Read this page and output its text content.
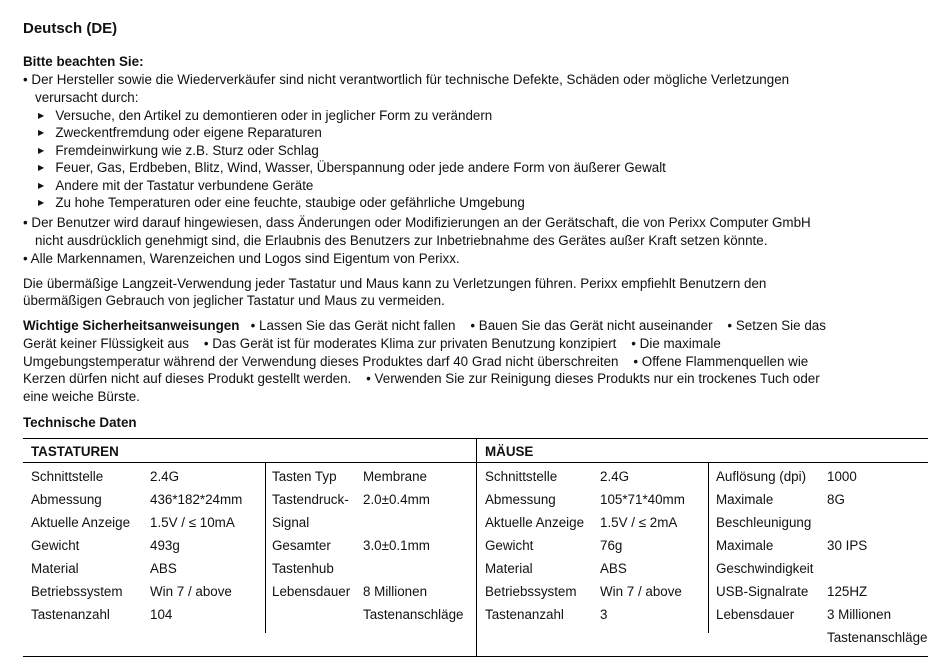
Deutsch (DE)
Bitte beachten Sie:
• Der Hersteller sowie die Wiederverkäufer sind nicht verantwortlich für technische Defekte, Schäden oder mögliche Verletzungen
verursacht durch:
▶ Versuche, den Artikel zu demontieren oder in jeglicher Form zu verändern
▶ Zweckentfremdung oder eigene Reparaturen
▶ Fremdeinwirkung wie z.B. Sturz oder Schlag
▶ Feuer, Gas, Erdbeben, Blitz, Wind, Wasser, Überspannung oder jede andere Form von äußerer Gewalt
▶ Andere mit der Tastatur verbundene Geräte
▶ Zu hohe Temperaturen oder eine feuchte, staubige oder gefährliche Umgebung
• Der Benutzer wird darauf hingewiesen, dass Änderungen oder Modifizierungen an der Gerätschaft, die von Perixx Computer GmbH
nicht ausdrücklich genehmigt sind, die Erlaubnis des Benutzers zur Inbetriebnahme des Gerätes außer Kraft setzen könnte.
• Alle Markennamen, Warenzeichen und Logos sind Eigentum von Perixx.
Die übermäßige Langzeit-Verwendung jeder Tastatur und Maus kann zu Verletzungen führen. Perixx empfiehlt Benutzern den
übermäßigen Gebrauch von jeglicher Tastatur und Maus zu vermeiden.
Wichtige Sicherheitsanweisungen   • Lassen Sie das Gerät nicht fallen    • Bauen Sie das Gerät nicht auseinander    • Setzen Sie das
Gerät keiner Flüssigkeit aus    • Das Gerät ist für moderates Klima zur privaten Benutzung konzipiert    • Die maximale
Umgebungstemperatur während der Verwendung dieses Produktes darf 40 Grad nicht überschreiten    • Offene Flammenquellen wie
Kerzen dürfen nicht auf dieses Produkt gestellt werden.    • Verwenden Sie zur Reinigung dieses Produkts nur ein trockenes Tuch oder
eine weiche Bürste.
Technische Daten
TASTATUREN	MÄUSE
Schnittstelle
Abmessung
Aktuelle Anzeige
Gewicht
Material
Betriebssystem
Tastenanzahl
2.4G
436*182*24mm
1.5V / ≤ 10mA
493g
ABS
Win 7 / above
104
Tasten Typ
Tastendruck-
Signal
Gesamter
Tastenhub
Lebensdauer

Membrane
2.0±0.4mm

3.0±0.1mm

8 Millionen
Tastenanschläge
Schnittstelle
Abmessung
Aktuelle Anzeige
Gewicht
Material
Betriebssystem
Tastenanzahl
2.4G
105*71*40mm
1.5V / ≤ 2mA
76g
ABS
Win 7 / above
3
Auflösung (dpi)
Maximale
Beschleunigung
Maximale
Geschwindigkeit
USB-Signalrate
Lebensdauer

1000
8G

30 IPS

125HZ
3 Millionen
Tastenanschläge
